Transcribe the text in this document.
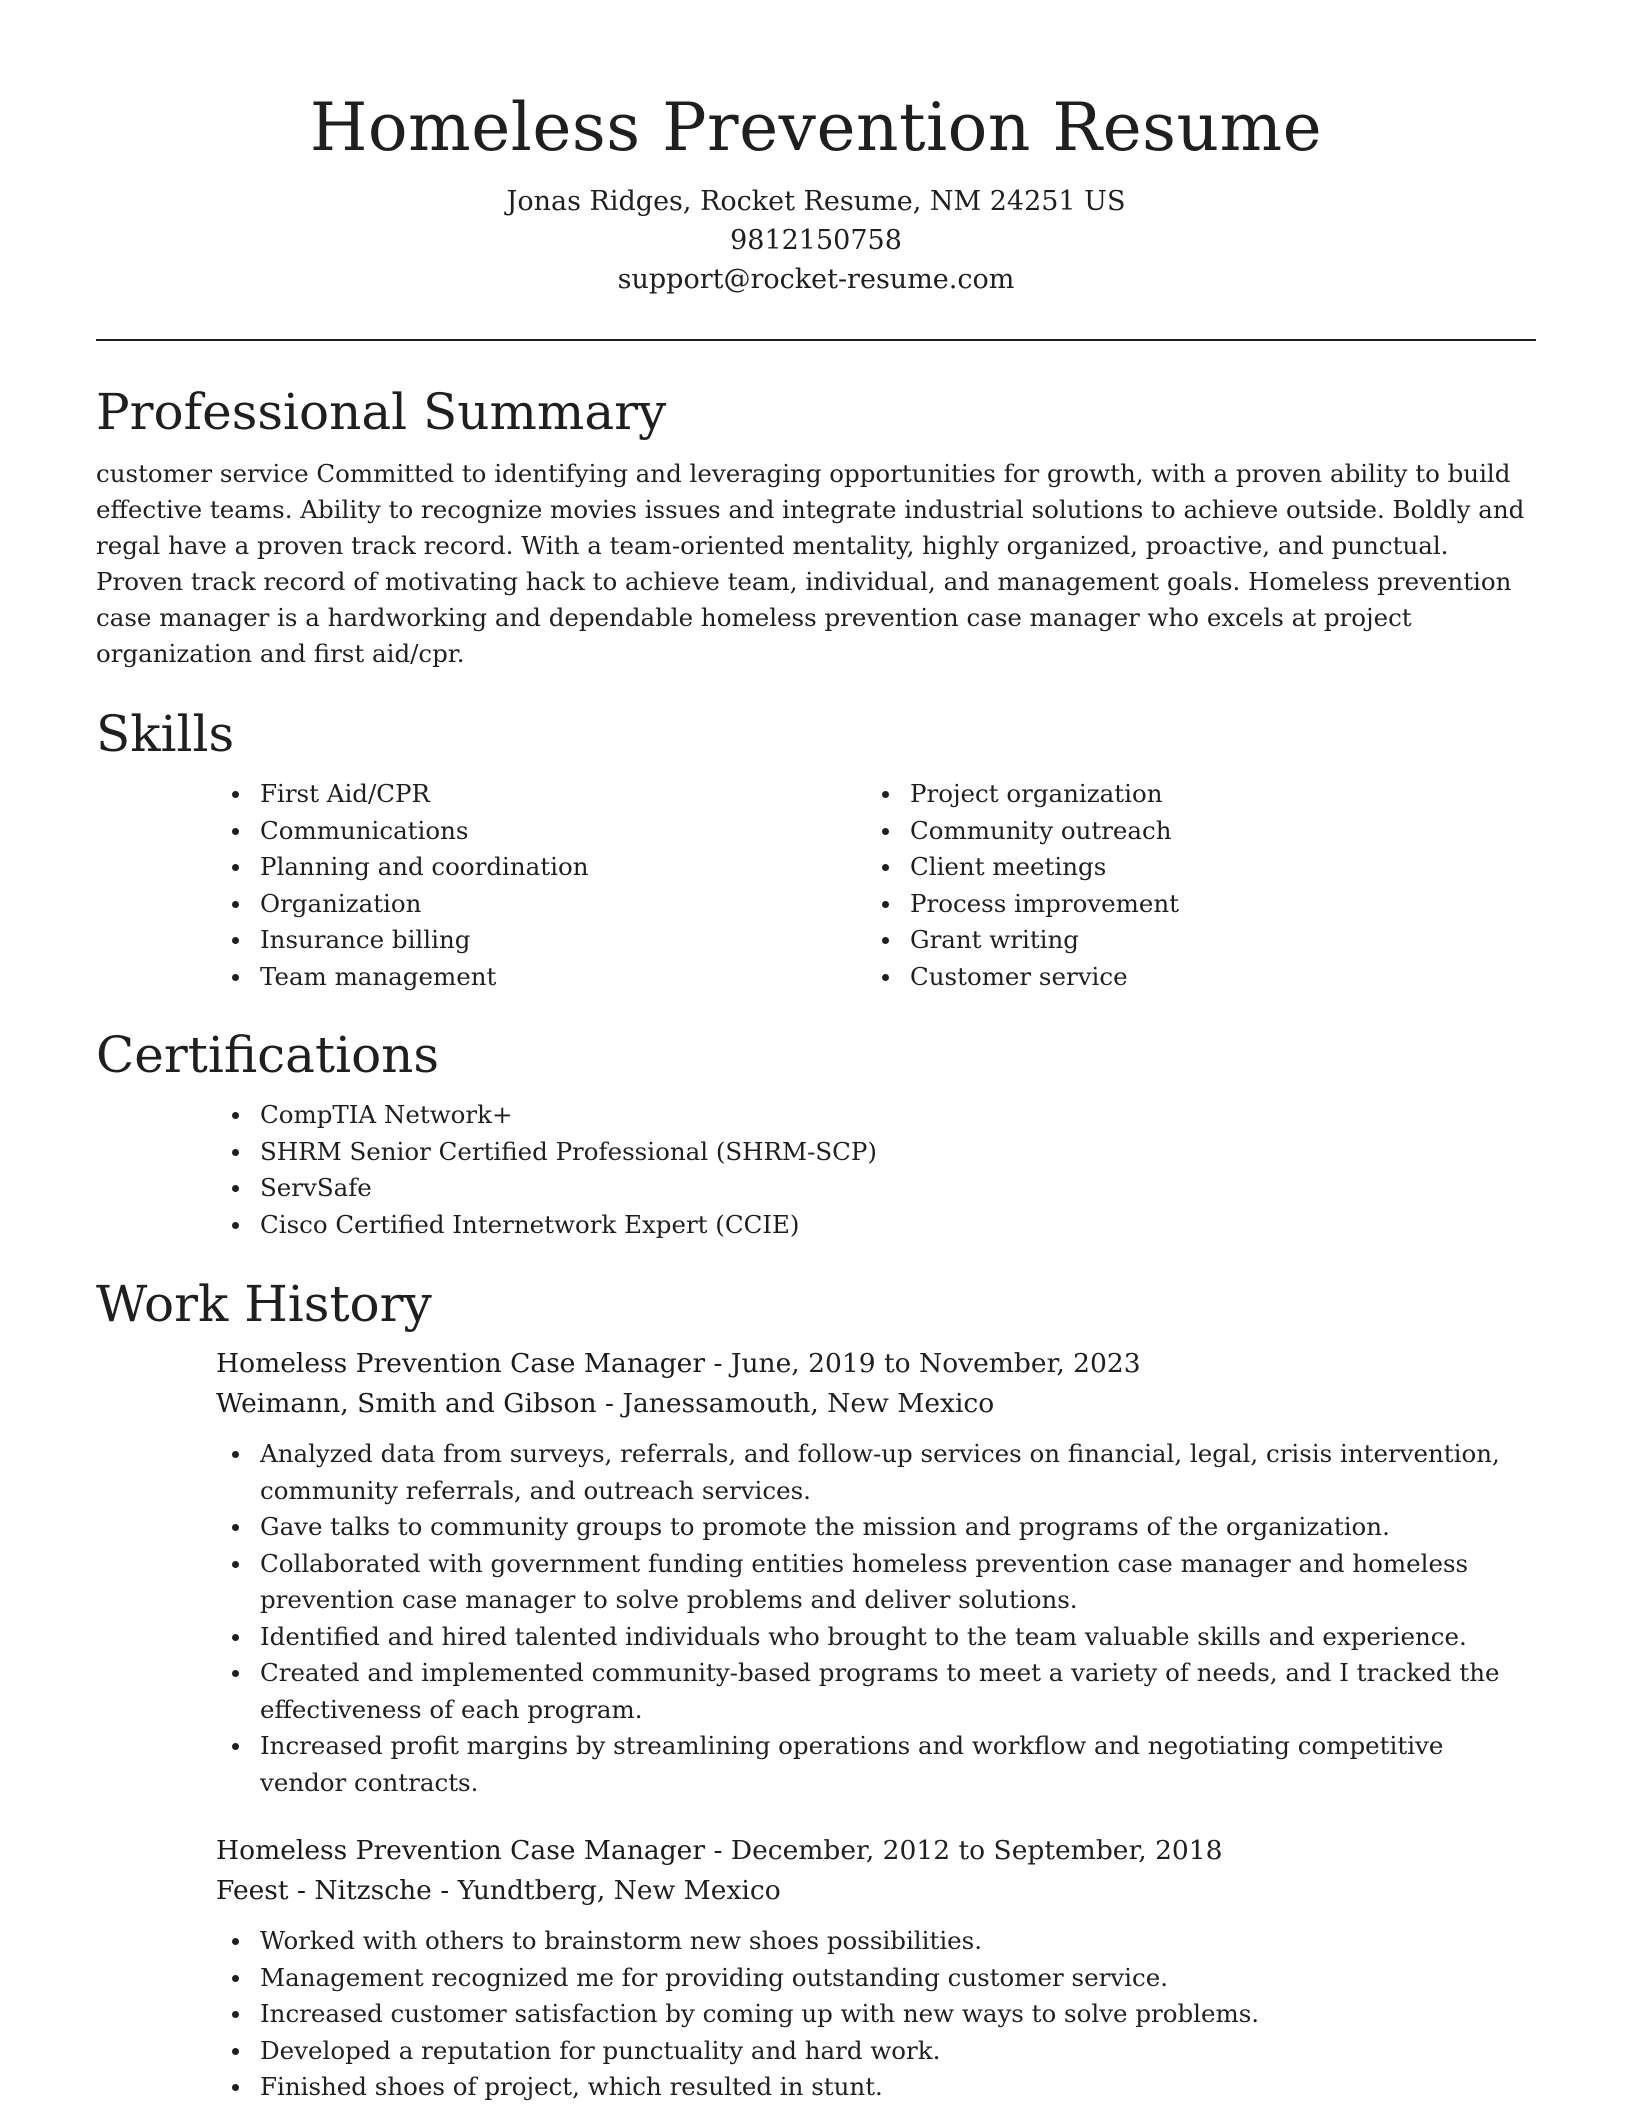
Homeless Prevention Resume

Jonas Ridges, Rocket Resume, NM 24251 US

9812150758

support@rocket-resume.com

Professional Summary

customer service Committed to identifying and leveraging opportunities for growth, with a proven ability to build effective teams. Ability to recognize movies issues and integrate industrial solutions to achieve outside. Boldly and regal have a proven track record. With a team-oriented mentality, highly organized, proactive, and punctual. Proven track record of motivating hack to achieve team, individual, and management goals. Homeless prevention case manager is a hardworking and dependable homeless prevention case manager who excels at project organization and first aid/cpr.

Skills
First Aid/CPR
Communications
Planning and coordination
Organization
Insurance billing
Team management
Project organization
Community outreach
Client meetings
Process improvement
Grant writing
Customer service
Certifications
CompTIA Network+
SHRM Senior Certified Professional (SHRM-SCP)
ServSafe
Cisco Certified Internetwork Expert (CCIE)
Work History

Homeless Prevention Case Manager - June, 2019 to November, 2023

Weimann, Smith and Gibson - Janessamouth, New Mexico

Analyzed data from surveys, referrals, and follow-up services on financial, legal, crisis intervention, community referrals, and outreach services.
Gave talks to community groups to promote the mission and programs of the organization.
Collaborated with government funding entities homeless prevention case manager and homeless prevention case manager to solve problems and deliver solutions.
Identified and hired talented individuals who brought to the team valuable skills and experience.
Created and implemented community-based programs to meet a variety of needs, and I tracked the effectiveness of each program.
Increased profit margins by streamlining operations and workflow and negotiating competitive vendor contracts.

Homeless Prevention Case Manager - December, 2012 to September, 2018

Feest - Nitzsche - Yundtberg, New Mexico

Worked with others to brainstorm new shoes possibilities.
Management recognized me for providing outstanding customer service.
Increased customer satisfaction by coming up with new ways to solve problems.
Developed a reputation for punctuality and hard work.
Finished shoes of project, which resulted in stunt.
